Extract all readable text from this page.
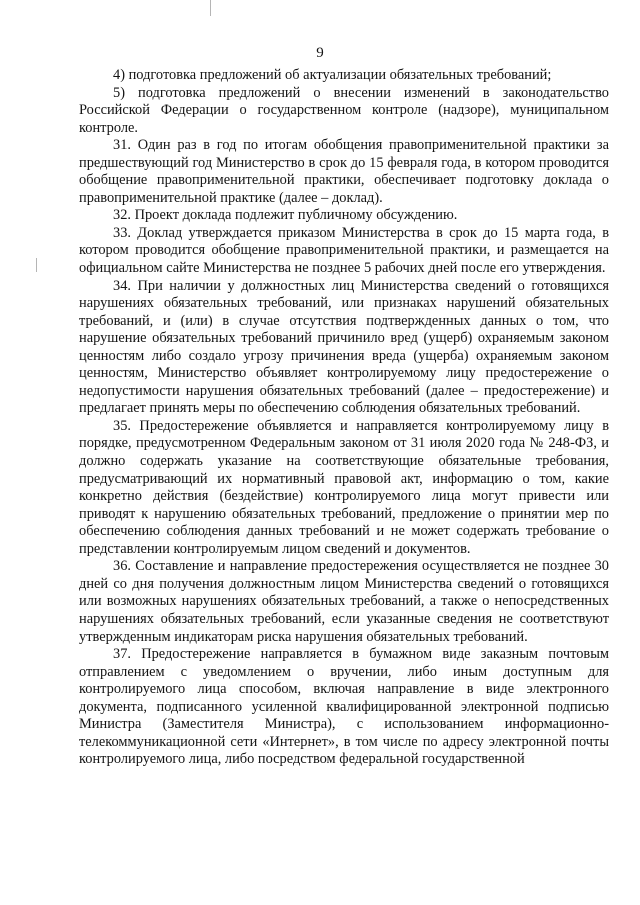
9

4) подготовка предложений об актуализации обязательных требований;

5) подготовка предложений о внесении изменений в законодательство Российской Федерации о государственном контроле (надзоре), муниципальном контроле.

31. Один раз в год по итогам обобщения правоприменительной практики за предшествующий год Министерство в срок до 15 февраля года, в котором проводится обобщение правоприменительной практики, обеспечивает подготовку доклада о правоприменительной практике (далее – доклад).

32. Проект доклада подлежит публичному обсуждению.

33. Доклад утверждается приказом Министерства в срок до 15 марта года, в котором проводится обобщение правоприменительной практики, и размещается на официальном сайте Министерства не позднее 5 рабочих дней после его утверждения.

34. При наличии у должностных лиц Министерства сведений о готовящихся нарушениях обязательных требований, или признаках нарушений обязательных требований, и (или) в случае отсутствия подтвержденных данных о том, что нарушение обязательных требований причинило вред (ущерб) охраняемым законом ценностям либо создало угрозу причинения вреда (ущерба) охраняемым законом ценностям, Министерство объявляет контролируемому лицу предостережение о недопустимости нарушения обязательных требований (далее – предостережение) и предлагает принять меры по обеспечению соблюдения обязательных требований.

35. Предостережение объявляется и направляется контролируемому лицу в порядке, предусмотренном Федеральным законом от 31 июля 2020 года № 248-ФЗ, и должно содержать указание на соответствующие обязательные требования, предусматривающий их нормативный правовой акт, информацию о том, какие конкретно действия (бездействие) контролируемого лица могут привести или приводят к нарушению обязательных требований, предложение о принятии мер по обеспечению соблюдения данных требований и не может содержать требование о представлении контролируемым лицом сведений и документов.

36. Составление и направление предостережения осуществляется не позднее 30 дней со дня получения должностным лицом Министерства сведений о готовящихся или возможных нарушениях обязательных требований, а также о непосредственных нарушениях обязательных требований, если указанные сведения не соответствуют утвержденным индикаторам риска нарушения обязательных требований.

37. Предостережение направляется в бумажном виде заказным почтовым отправлением с уведомлением о вручении, либо иным доступным для контролируемого лица способом, включая направление в виде электронного документа, подписанного усиленной квалифицированной электронной подписью Министра (Заместителя Министра), с использованием информационно-телекоммуникационной сети «Интернет», в том числе по адресу электронной почты контролируемого лица, либо посредством федеральной государственной
